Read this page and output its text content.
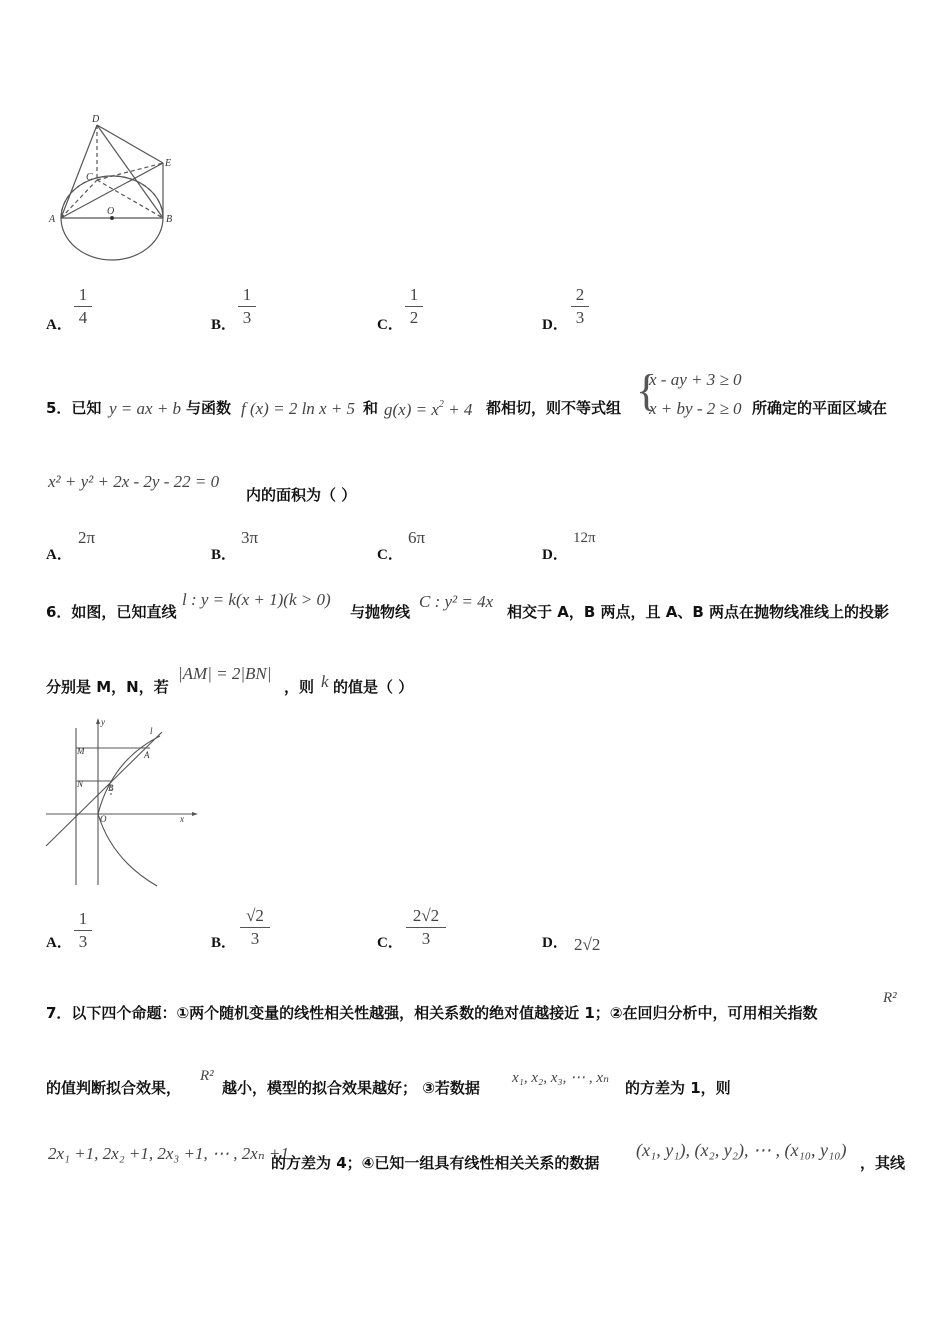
D
E
C
O
A	B
A．
1
4	B．
1
3	C．
1
2	D．
2
3
5．已知 y = ax + b 与函数 f (x) = 2 ln x + 5 和 $g(x) = x^2 + 4$ 都相切，则不等式组 {
x - ay + 3 ≥ 0
x + by - 2 ≥ 0 所确定的平面区域在
x² + y² + 2x - 2y - 22 = 0
内的面积为（ ）
A．
2π
B．
3π
C．
6π
D．
12π
6．如图，已知直线
l : y = k(x + 1)(k > 0)
与抛物线
C : y² = 4x
相交于 A，B 两点，且 A、B 两点在抛物线准线上的投影
分别是 M，N，若
|AM| = 2|BN|
，则 k 的值是（ ）
y
l
M	A
N	B
O	x
A．
1
3	B．
√2
3	C．
2√2
3	D． 2√2
7．以下四个命题：①两个随机变量的线性相关性越强，相关系数的绝对值越接近 1；②在回归分析中，可用相关指数
R²
的值判断拟合效果，
R²
越小，模型的拟合效果越好； ③若数据
x₁, x₂, x₃, ⋯ , xₙ
的方差为 1，则
2x₁ +1, 2x₂ +1, 2x₃ +1, ⋯ , 2xₙ +1
的方差为 4；④已知一组具有线性相关关系的数据
(x₁, y₁), (x₂, y₂), ⋯ , (x₁₀, y₁₀)
，其线
